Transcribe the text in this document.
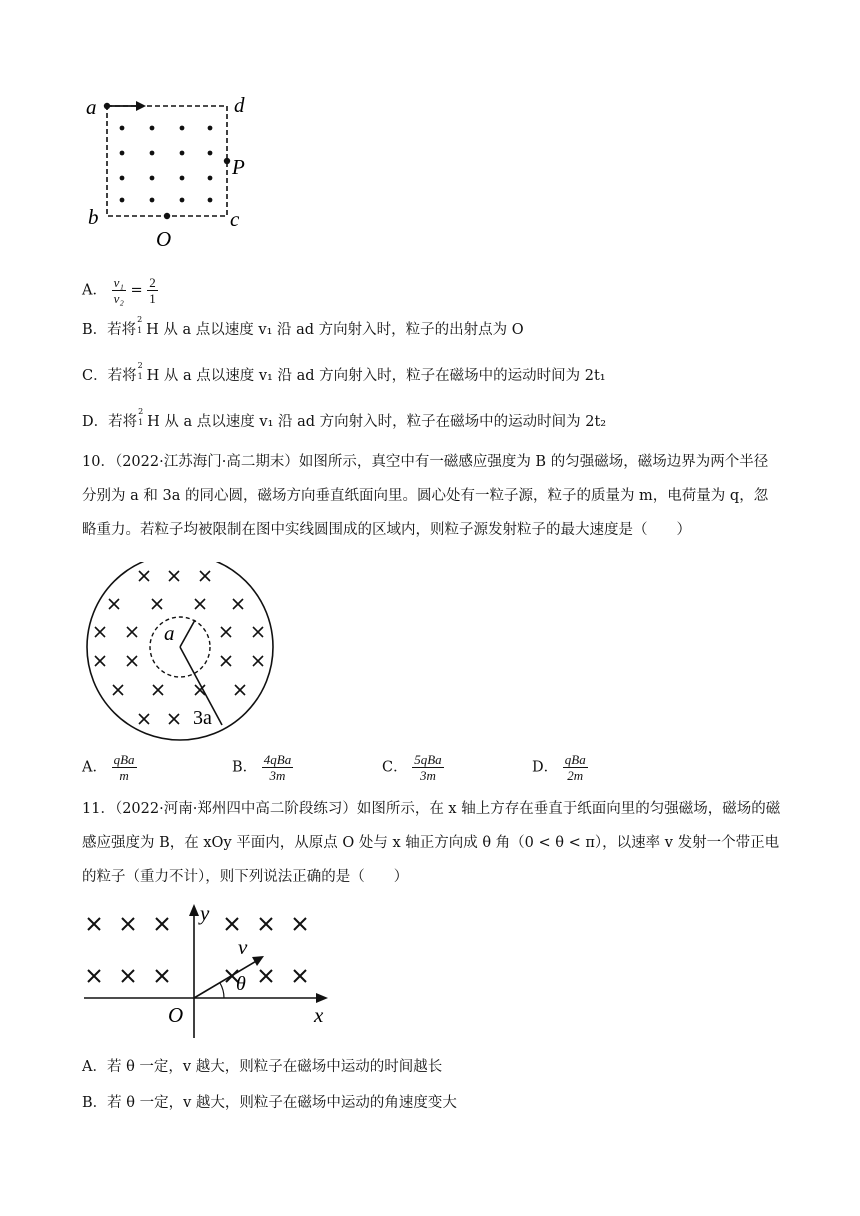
a	d
P
b	c
O
A． $\frac{\text{v₁}}{\text{v₂}} = \frac{2}{1}$
B．若将
2
1 H 从 a 点以速度 v₁ 沿 ad 方向射入时，粒子的出射点为 O
C．若将
2
1 H 从 a 点以速度 v₁ 沿 ad 方向射入时，粒子在磁场中的运动时间为 2t₁
D．若将
2
1 H 从 a 点以速度 v₁ 沿 ad 方向射入时，粒子在磁场中的运动时间为 2t₂
10．（2022·江苏海门·高二期末）如图所示，真空中有一磁感应强度为 B 的匀强磁场，磁场边界为两个半径分别为 a 和 3a 的同心圆，磁场方向垂直纸面向里。圆心处有一粒子源，粒子的质量为 m，电荷量为 q，忽略重力。若粒子均被限制在图中实线圆围成的区域内，则粒子源发射粒子的最大速度是（　　）
a
3a
A． $\frac{\text{qBa}}{m}$	B． $\frac{\text{4qBa}}{3m}$	C． $\frac{\text{5qBa}}{3m}$	D． $\frac{\text{qBa}}{2m}$
11．（2022·河南·郑州四中高二阶段练习）如图所示，在 x 轴上方存在垂直于纸面向里的匀强磁场，磁场的磁感应强度为 B，在 xOy 平面内，从原点 O 处与 x 轴正方向成 θ 角（0 < θ < π），以速率 v 发射一个带正电的粒子（重力不计），则下列说法正确的是（　　）
y
x
O
v
θ
A．若 θ 一定，v 越大，则粒子在磁场中运动的时间越长
B．若 θ 一定，v 越大，则粒子在磁场中运动的角速度变大
